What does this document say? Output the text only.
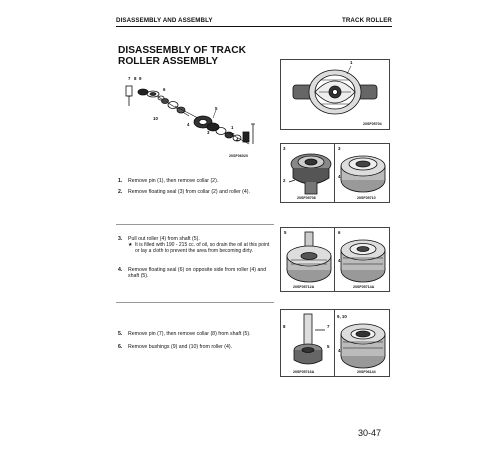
DISASSEMBLY AND ASSEMBLY	TRACK ROLLER
DISASSEMBLY OF TRACK
ROLLER ASSEMBLY
7 8 9
6
10
4
3
5
1
2
4
20SF06020
1. Remove pin (1), then remove collar (2).
2. Remove floating seal (3) from collar (2) and roller (4).
3. Pull out roller (4) from shaft (5).
★ It is filled with 190 - 215 cc. of oil, so drain the oil at this point or lay a cloth to prevent the area from becoming dirty.
4. Remove floating seal (6) on opposite side from roller (4) and shaft (5).
5. Remove pin (7), then remove collar (8) from shaft (5).
6. Remove bushings (9) and (10) from roller (4).
1
20SF05704
3
2
20SF05708
3
4
20SF05710
5
20SF05712A
6
4
20SF05714A
8	7
5
20SF05716A
9, 10
4
20SF06144
30-47
